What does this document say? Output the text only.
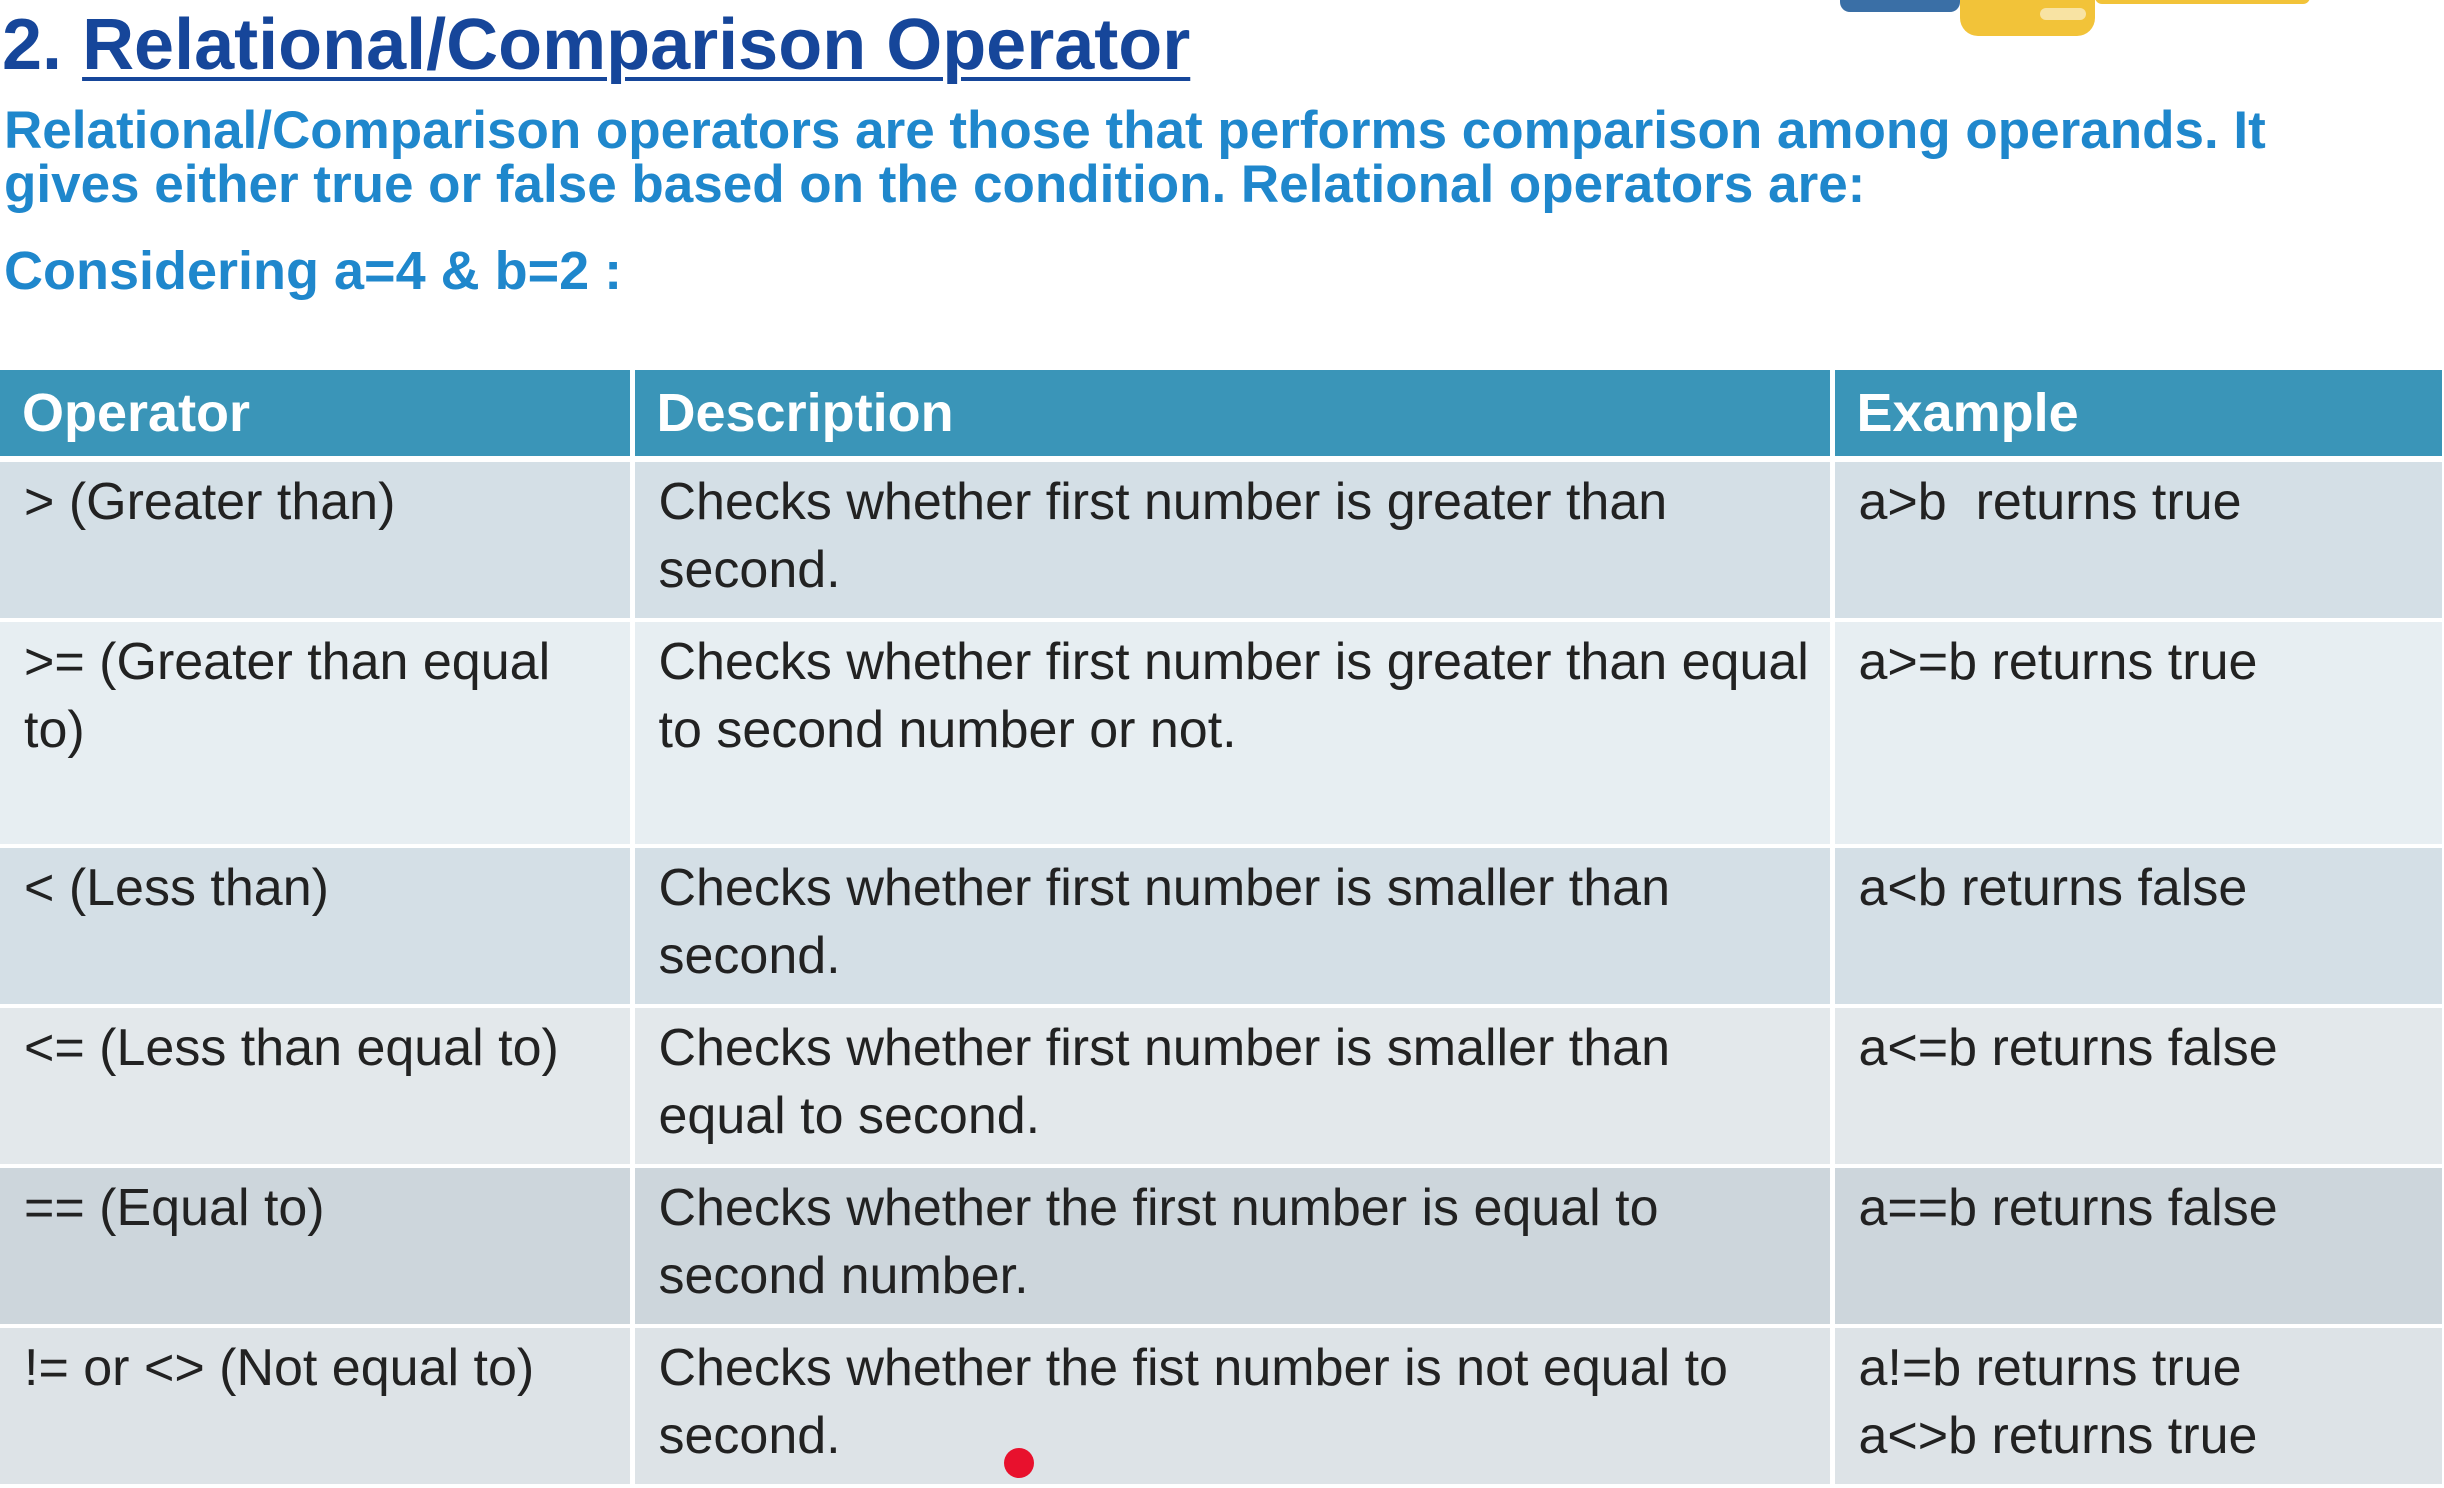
2. Relational/Comparison Operator
Relational/Comparison operators are those that performs comparison among operands. It
gives either true or false based on the condition. Relational operators are:
Considering a=4 & b=2 :
Operator	Description	Example
> (Greater than)	Checks whether first number is greater than second.	a>b  returns true

>= (Greater than equal to)	Checks whether first number is greater than equal to second number or not.	a>=b returns true

< (Less than)	Checks whether first number is smaller than second.	a<b returns false

<= (Less than equal to)	Checks whether first number is smaller than equal to second.	a<=b returns false

== (Equal to)	Checks whether the first number is equal to second number.	a==b returns false

!= or <> (Not equal to)	Checks whether the fist number is not equal to second.	a!=b returns true
a<>b returns true
